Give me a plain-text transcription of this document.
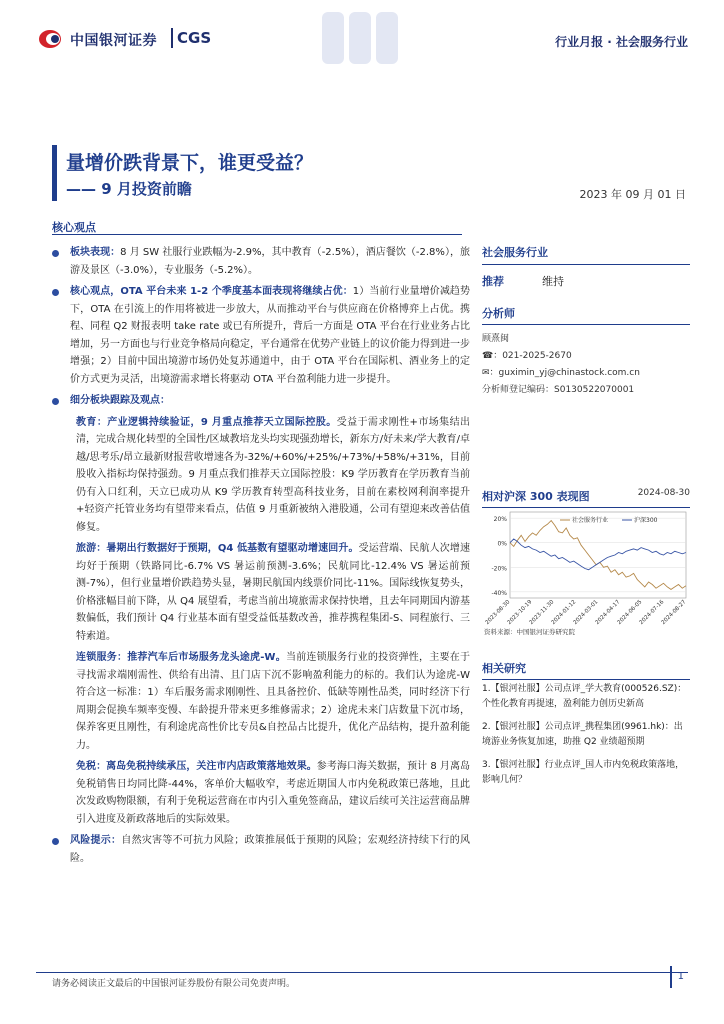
中国银河证券 CGS	行业月报 · 社会服务行业
量增价跌背景下，谁更受益？
—— 9 月投资前瞻	2023 年 09 月 01 日
核心观点
板块表现：8 月 SW 社服行业跌幅为-2.9%，其中教育（-2.5%），酒店餐饮（-2.8%），旅游及景区（-3.0%），专业服务（-5.2%）。
核心观点，OTA 平台未来 1-2 个季度基本面表现将继续占优：1）当前行业量增价减趋势下，OTA 在引流上的作用将被进一步放大，从而推动平台与供应商在价格博弈上占优。携程、同程 Q2 财报表明 take rate 或已有所提升，背后一方面是 OTA 平台在行业业务占比增加，另一方面也与行业竞争格局向稳定，平台通常在优势产业链上的议价能力得到进一步增强；2）目前中国出境游市场仍处复苏通道中，由于 OTA 平台在国际机、酒业务上的定价方式更为灵活，出境游需求增长将驱动 OTA 平台盈利能力进一步提升。
细分板块跟踪及观点：
教育：产业逻辑持续验证，9 月重点推荐天立国际控股。受益于需求刚性+市场集结出清，完成合规化转型的全国性/区域教培龙头均实现强劲增长，新东方/好未来/学大教育/卓越/思考乐/昂立最新财报营收增速各为-32%/+60%/+25%/+73%/+58%/+31%，目前股收入指标均保持强劲。9 月重点我们推荐天立国际控股：K9 学历教育在学历教育当前仍有入口红利，天立已成功从 K9 学历教育转型高科技业务，目前在素校网利润率提升+轻资产托管业务均有望带来看点，估值 9 月重新被纳入港股通，公司有望迎来改善估值修复。
旅游：暑期出行数据好于预期，Q4 低基数有望驱动增速回升。受运营端、民航人次增速均好于预期（铁路同比-6.7% VS 暑运前预测-3.6%；民航同比-12.4% VS 暑运前预测-7%），但行业量增价跌趋势头显，暑期民航国内线票价同比-11%。国际线恢复势头，价格涨幅目前下降，从 Q4 展望看，考虑当前出境旅需求保持快增，且去年同期国内游基数偏低，我们预计 Q4 行业基本面有望受益低基数改善，推荐携程集团-S、同程旅行、三特索道。
连锁服务：推荐汽车后市场服务龙头途虎-W。当前连锁服务行业的投资弹性，主要在于寻找需求端刚需性、供给有出清、且门店下沉不影响盈利能力的标的。我们认为途虎-W 符合这一标准：1）车后服务需求刚刚性、且具备控价、低缺等刚性品类，同时经济下行周期会促换车频率变慢、车龄提升带来更多维修需求；2）途虎未来门店数量下沉市场，保养客更且刚性，有利途虎高性价比专员&自控品占比提升，优化产品结构，提升盈利能力。
免税：离岛免税持续承压，关注市内店政策落地效果。参考海口海关数据，预计 8 月离岛免税销售日均同比降-44%，客单价大幅收窄，考虑近期国人市内免税政策已落地，且此次发政购物限额，有利于免税运营商在市内引入重免签商品，建议后续可关注运营商品牌引入进度及新政落地后的实际效果。
风险提示：自然灾害等不可抗力风险；政策推展低于预期的风险；宏观经济持续下行的风险。
社会服务行业
推荐	维持
分析师
顾熹闽
☎：021-2025-2670
✉：guximin_yj@chinastock.com.cn
分析师登记编码：S0130522070001
相对沪深 300 表现图	2024-08-30
20%
0%
-20%
-40%
社会服务行业	沪深300
2023-08-30
2023-10-19
2023-11-30
2024-01-12
2024-03-01
2024-04-17
2024-06-05
2024-07-16
2024-08-27
资料来源：中国银河证券研究院
相关研究
1.【银河社服】公司点评_学大教育(000526.SZ)：个性化教育再提速，盈利能力创历史新高
2.【银河社服】公司点评_携程集团(9961.hk)：出境游业务恢复加速，助推 Q2 业绩超预期
3.【银河社服】行业点评_国人市内免税政策落地，影响几何？
请务必阅读正文最后的中国银河证券股份有限公司免责声明。
1
